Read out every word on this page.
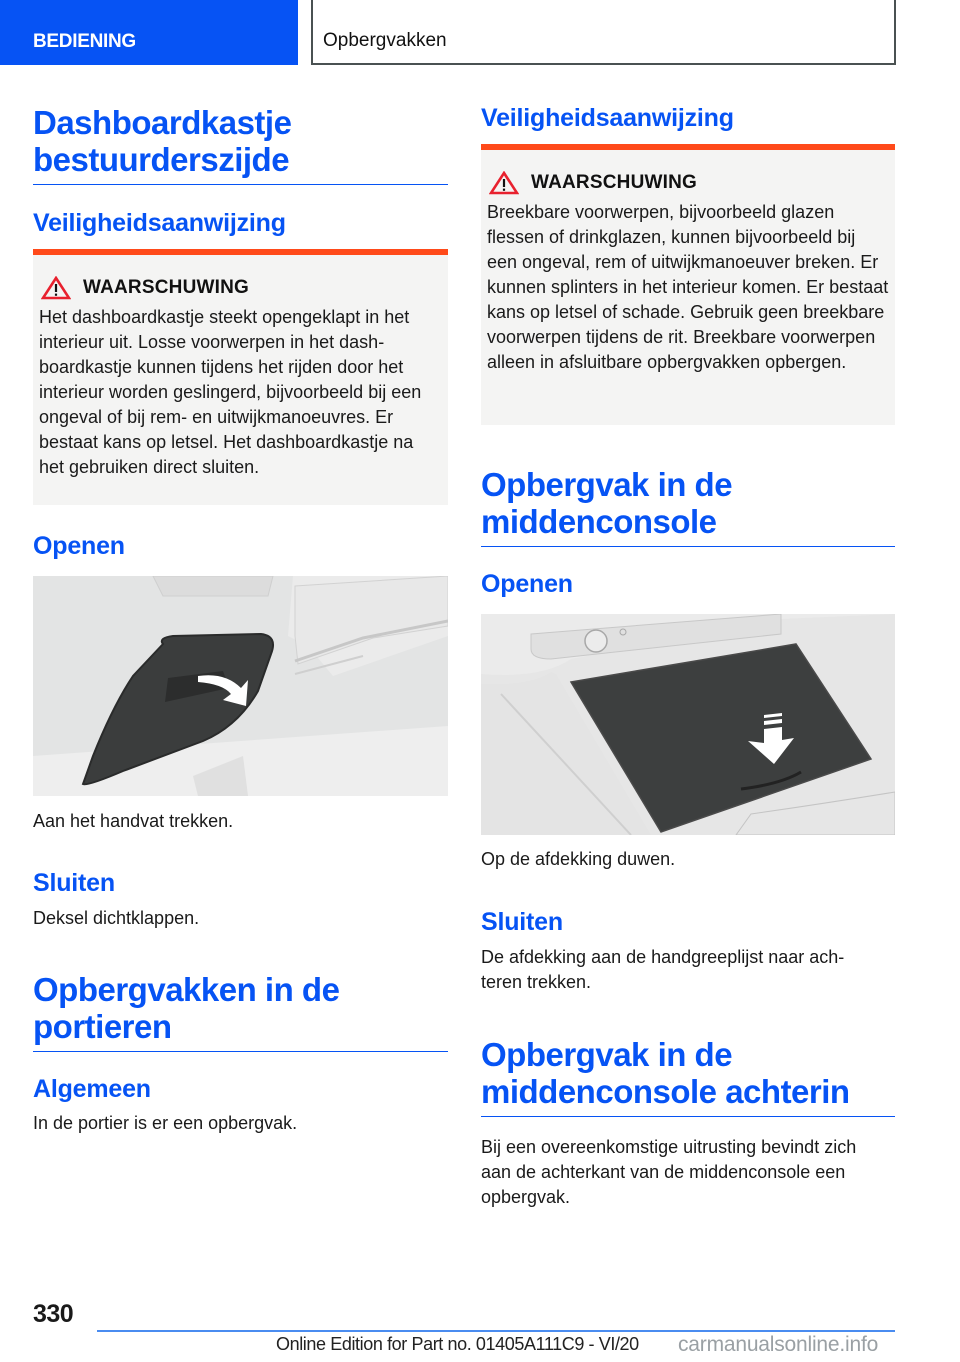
BEDIENING	Opbergvakken
Dashboardkastje bestuurderszijde
Veiligheidsaanwijzing
WAARSCHUWING
Het dashboardkastje steekt opengeklapt in het interieur uit. Losse voorwerpen in het dash-boardkastje kunnen tijdens het rijden door het interieur worden geslingerd, bijvoorbeeld bij een ongeval of bij rem- en uitwijkmanoeuvres. Er bestaat kans op letsel. Het dashboardkastje na het gebruiken direct sluiten.
Openen
Aan het handvat trekken.
Sluiten
Deksel dichtklappen.
Opbergvakken in de portieren
Algemeen
In de portier is er een opbergvak.
Veiligheidsaanwijzing
WAARSCHUWING
Breekbare voorwerpen, bijvoorbeeld glazen flessen of drinkglazen, kunnen bijvoorbeeld bij een ongeval, rem of uitwijkmanoeuver breken. Er kunnen splinters in het interieur komen. Er bestaat kans op letsel of schade. Gebruik geen breekbare voorwerpen tijdens de rit. Breekbare voorwerpen alleen in afsluitbare opbergvakken opbergen.
Opbergvak in de middenconsole
Openen
Op de afdekking duwen.
Sluiten
De afdekking aan de handgreeplijst naar ach-teren trekken.
Opbergvak in de middenconsole achterin
Bij een overeenkomstige uitrusting bevindt zich aan de achterkant van de middenconsole een opbergvak.
330
Online Edition for Part no. 01405A111C9 - VI/20 carmanualsonline.info
